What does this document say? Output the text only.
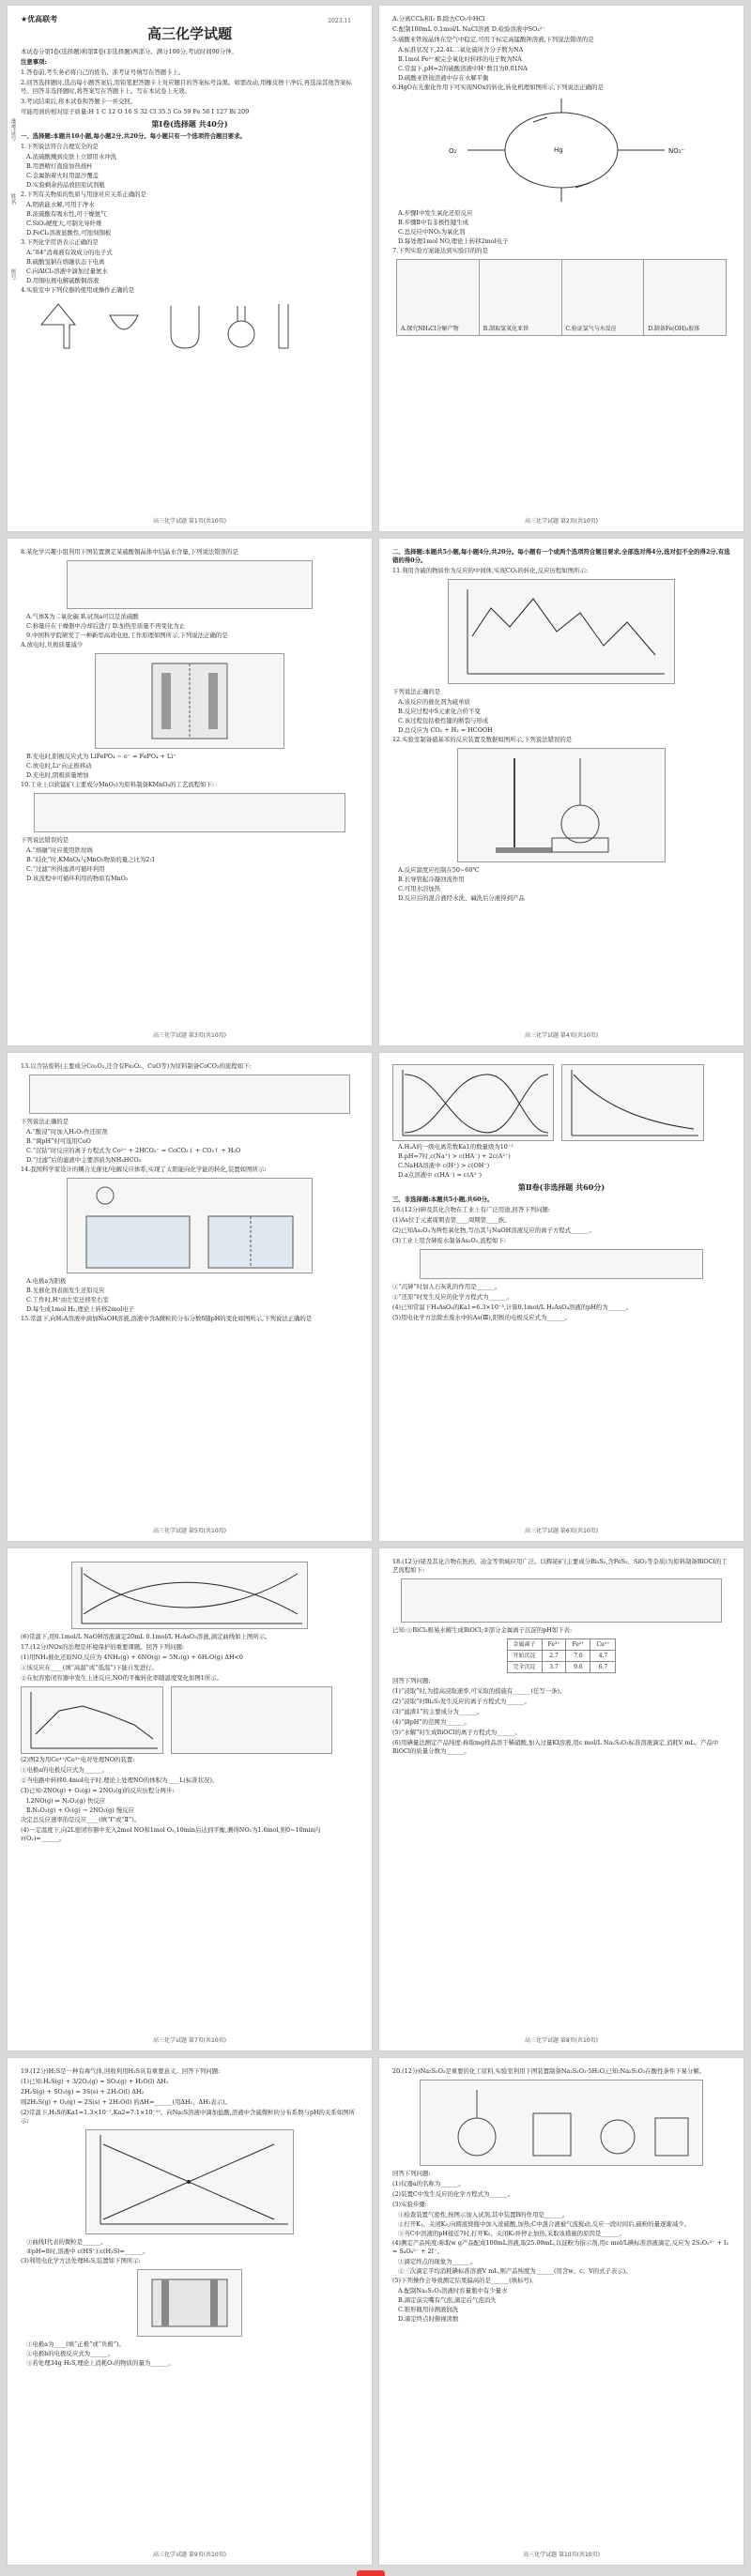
2023.11
★优高联考
高三化学试题

本试卷分第Ⅰ卷(选择题)和第Ⅱ卷(非选择题)两部分。满分100分,考试时间90分钟。

注意事项:

1.答卷前,考生务必将自己的姓名、准考证号填写在答题卡上。

2.回答选择题时,选出每小题答案后,用铅笔把答题卡上对应题目的答案标号涂黑。如需改动,用橡皮擦干净后,再选涂其他答案标号。回答非选择题时,将答案写在答题卡上。写在本试卷上无效。

3.考试结束后,将本试卷和答题卡一并交回。

可能用到的相对原子质量:H 1 C 12 O 16 S 32 Cl 35.5 Co 59 Fe 56 I 127 Bi 209

第Ⅰ卷(选择题 共40分)

一、选择题:本题共10小题,每小题2分,共20分。每小题只有一个选项符合题目要求。

1.下列说法符合合理安全的是

A.浓硫酸溅到皮肤上立即用水冲洗

B.用酒精灯直接加热烧杯

C.金属钠着火时用湿沙覆盖

D.实验剩余药品放回原试剂瓶

2.下列有关物质的性质与用途对应关系正确的是

A.明矾能水解,可用于净水

B.浓硫酸有吸水性,可干燥氨气

C.SiO₂硬度大,可制光导纤维

D.FeCl₃溶液显酸性,可蚀刻铜板

3.下列化学用语表示正确的是

A.“84”消毒液有效成分的电子式

B.硫酸氢钠在熔融状态下电离

C.向AlCl₃溶液中滴加过量氨水

D.用铜电极电解硫酸铜溶液

4.实验室中下列仪器的使用或操作正确的是

准考证号
姓名
座号
高三化学试题 第1页(共10页)

A.分离CCl₄和I₂ B.除去CO₂中HCl

C.配制100mL 0.1mol/L NaCl溶液 D.检验溶液中SO₄²⁻

5.硫酸亚铁铵晶体在空气中稳定,可用于标定高锰酸钾溶液,下列说法错误的是

A.标准状况下,22.4L二氧化硫所含分子数为NA

B.1mol Fe²⁺被完全氧化时转移的电子数为NA

C.常温下,pH=2的硫酸溶液中H⁺数目为0.01NA

D.硫酸亚铁铵溶液中存在水解平衡

6.HgO在光催化作用下可实现NOx的转化,转化机理如图所示,下列说法正确的是

Hg
O₂	NO₃⁻

A.步骤Ⅰ中发生氧化还原反应

B.步骤Ⅱ中有非极性键生成

C.总反应中NO₂为氧化剂

D.每处理1mol NO,理论上转移2mol电子

7.下列实验方案能达到实验目的的是

A.探究NH₄Cl分解产物	B.制取氢氧化亚铁	C.验证氯气与水反应	D.制备Fe(OH)₃胶体
高三化学试题 第2页(共10页)

8.某化学兴趣小组利用下图装置测定某硫酸铜晶体中结晶水含量,下列说法错误的是

A.气体X为二氧化碳 B.试剂a可以是浓硫酸

C.称量应在干燥器中冷却后进行 D.加热至质量不再变化为止

9.中国科学院研发了一种新型高效电池,工作原理如图所示,下列说法正确的是

A.放电时,负极质量减少

B.充电时,阳极反应式为 LiFePO₄ − e⁻ = FePO₄ + Li⁺

C.放电时,Li⁺向正极移动

D.充电时,阴极质量增加

10.工业上以软锰矿(主要成分MnO₂)为原料制备KMnO₄的工艺流程如下:

下列说法错误的是

A.“熔融”时应使用铁坩埚

B.“歧化”时,KMnO₄与MnO₂物质的量之比为2:1

C.“过滤”所得滤渣可循环利用

D.该流程中可循环利用的物质有MnO₂

高三化学试题 第3页(共10页)

二、选择题:本题共5小题,每小题4分,共20分。每小题有一个或两个选项符合题目要求,全部选对得4分,选对但不全的得2分,有选错的得0分。

11.利用含硫的物质作为反应的中间体,实现CO₂的转化,反应历程如图所示:

下列说法正确的是

A.该反应的催化剂为硫单质

B.反应过程中S元素化合价不变

C.该过程包括极性键的断裂与形成

D.总反应为 CO₂ + H₂ = HCOOH

12.实验室制备硝基苯的反应装置及数据如图所示,下列说法错误的是

A.反应温度应控制在50~60℃

B.长导管起冷凝回流作用

C.可用水浴加热

D.反应后的混合液经水洗、碱洗后分液得到产品

高三化学试题 第4页(共10页)

13.以含钴废料(主要成分Co₂O₃,还含有Fe₂O₃、CuO等)为原料制备CoCO₃的流程如下:

下列说法正确的是

A.“酸浸”时加入H₂O₂作还原剂

B.“调pH”时可选用CoO

C.“沉钴”时反应的离子方程式为 Co²⁺ + 2HCO₃⁻ = CoCO₃↓ + CO₂↑ + H₂O

D.“过滤”后的滤液中主要溶质为NH₄HCO₃

14.我国科学家设计的耦合光催化/电解反应体系,实现了太阳能向化学能的转化,装置如图所示:

A.电极a为阳极

B.光催化剂表面发生还原反应

C.工作时,H⁺由左室迁移至右室

D.每生成1mol H₂,理论上转移2mol电子

15.常温下,向H₂A溶液中滴加NaOH溶液,溶液中含A微粒的分布分数δ随pH的变化如图所示,下列说法正确的是

高三化学试题 第5页(共10页)

A.H₂A的一级电离常数Ka1的数量级为10⁻²

B.pH=7时,c(Na⁺) > c(HA⁻) + 2c(A²⁻)

C.NaHA溶液中 c(H⁺) > c(OH⁻)

D.a点溶液中 c(HA⁻) = c(A²⁻)

第Ⅱ卷(非选择题 共60分)

三、非选择题:本题共5小题,共60分。

16.(12分)砷及其化合物在工业上有广泛用途,回答下列问题:

(1)As位于元素周期表第____周期第____族。

(2)已知As₂O₃为两性氧化物,写出其与NaOH溶液反应的离子方程式______。

(3)工业上用含砷废水制备As₂O₃,流程如下:

①“沉砷”时加入石灰乳的作用是______。

②“还原”时发生反应的化学方程式为______。

(4)已知常温下H₃AsO₄的Ka1=6.3×10⁻³,计算0.1mol/L H₃AsO₄溶液的pH约为______。

(5)用电化学方法除去废水中的As(Ⅲ),阳极的电极反应式为______。

高三化学试题 第6页(共10页)

(6)常温下,用0.1mol/L NaOH溶液滴定20mL 0.1mol/L H₃AsO₃溶液,滴定曲线如上图所示。

17.(12分)NOx的治理是环境保护的重要课题。回答下列问题:

(1)用NH₃催化还原NO,反应为 4NH₃(g) + 6NO(g) = 5N₂(g) + 6H₂O(g) ΔH<0

①该反应在____(填“高温”或“低温”)下能自发进行。

②在恒容密闭容器中发生上述反应,NO的平衡转化率随温度变化如图1所示。

(2)图2为用Ce⁴⁺/Ce³⁺电对处理NO的装置:

①电极a的电极反应式为______。

②当电路中转移0.4mol电子时,理论上处理NO的体积为____L(标准状况)。

(3)已知:2NO(g) + O₂(g) = 2NO₂(g)的反应历程分两步:

Ⅰ.2NO(g) ⇌ N₂O₂(g) 快反应

Ⅱ.N₂O₂(g) + O₂(g) → 2NO₂(g) 慢反应

决定总反应速率的是反应____(填“Ⅰ”或“Ⅱ”)。

(4)一定温度下,向2L密闭容器中充入2mol NO和1mol O₂,10min后达到平衡,测得NO₂为1.6mol,则0~10min内v(O₂)=______。

高三化学试题 第7页(共10页)

18.(12分)铋及其化合物在医药、冶金等领域应用广泛。以辉铋矿(主要成分Bi₂S₃,含FeS₂、SiO₂等杂质)为原料制备BiOCl的工艺流程如下:

已知:①BiCl₃极易水解生成BiOCl;②部分金属离子沉淀的pH如下表:

金属离子	Fe³⁺	Fe²⁺	Cu²⁺
开始沉淀	2.7	7.6	4.7
完全沉淀	3.7	9.6	6.7

回答下列问题:

(1)“浸取”时,为提高浸取速率,可采取的措施有______(任写一条)。

(2)“浸取”时Bi₂S₃发生反应的离子方程式为______。

(3)“滤渣1”的主要成分为______。

(4)“调pH”的范围为______。

(5)“水解”时生成BiOCl的离子方程式为______。

(6)用碘量法测定产品纯度:称取mg样品溶于稀硝酸,加入过量KI溶液,用c mol/L Na₂S₂O₃标准溶液滴定,消耗V mL。产品中BiOCl的质量分数为______。

高三化学试题 第8页(共10页)

19.(12分)H₂S是一种有毒气体,回收利用H₂S具有重要意义。回答下列问题:

(1)已知:H₂S(g) + 3/2O₂(g) = SO₂(g) + H₂O(l) ΔH₁

2H₂S(g) + SO₂(g) = 3S(s) + 2H₂O(l) ΔH₂

则2H₂S(g) + O₂(g) = 2S(s) + 2H₂O(l) 的ΔH=______(用ΔH₁、ΔH₂表示)。

(2)常温下,H₂S的Ka1=1.3×10⁻⁷,Ka2=7.1×10⁻¹⁵。向Na₂S溶液中滴加盐酸,溶液中含硫微粒的分布系数与pH的关系如图所示:

①曲线Ⅰ代表的微粒是______。

②pH=8时,溶液中 c(HS⁻):c(H₂S)=______。

(3)利用电化学方法处理H₂S,装置如下图所示:

①电极a为____(填“正极”或“负极”)。

②电极b的电极反应式为______。

③若处理34g H₂S,理论上消耗O₂的物质的量为______。

高三化学试题 第9页(共10页)

20.(12分)Na₂S₂O₃是重要的化工原料,实验室利用下图装置制备Na₂S₂O₃·5H₂O,已知:Na₂S₂O₃在酸性条件下易分解。

回答下列问题:

(1)仪器a的名称为______。

(2)装置C中发生反应的化学方程式为______。

(3)实验步骤:

①检查装置气密性,按图示加入试剂,其中装置B的作用是______。

②打开K₁、关闭K₂,向圆底烧瓶中加入浓硫酸,加热;C中混合液被气流搅动,反应一段时间后,硫粉的量逐渐减少。

③当C中溶液的pH接近7时,打开K₂、关闭K₁并停止加热,采取该措施的原因是______。

(4)测定产品纯度:称取w g产品配成100mL溶液,取25.00mL,以淀粉为指示剂,用c mol/L碘标准溶液滴定,反应为 2S₂O₃²⁻ + I₂ = S₄O₆²⁻ + 2I⁻。

①滴定终点的现象为______。

②三次滴定平均消耗碘标准溶液V mL,则产品纯度为______(用含w、c、V的式子表示)。

(5)下列操作会导致测定结果偏高的是______(填标号)。

A.配制Na₂S₂O₃溶液时容量瓶中有少量水

B.滴定前尖嘴有气泡,滴定后气泡消失

C.锥形瓶用待测液润洗

D.滴定终点时俯视读数

高三化学试题 第10页(共10页)
